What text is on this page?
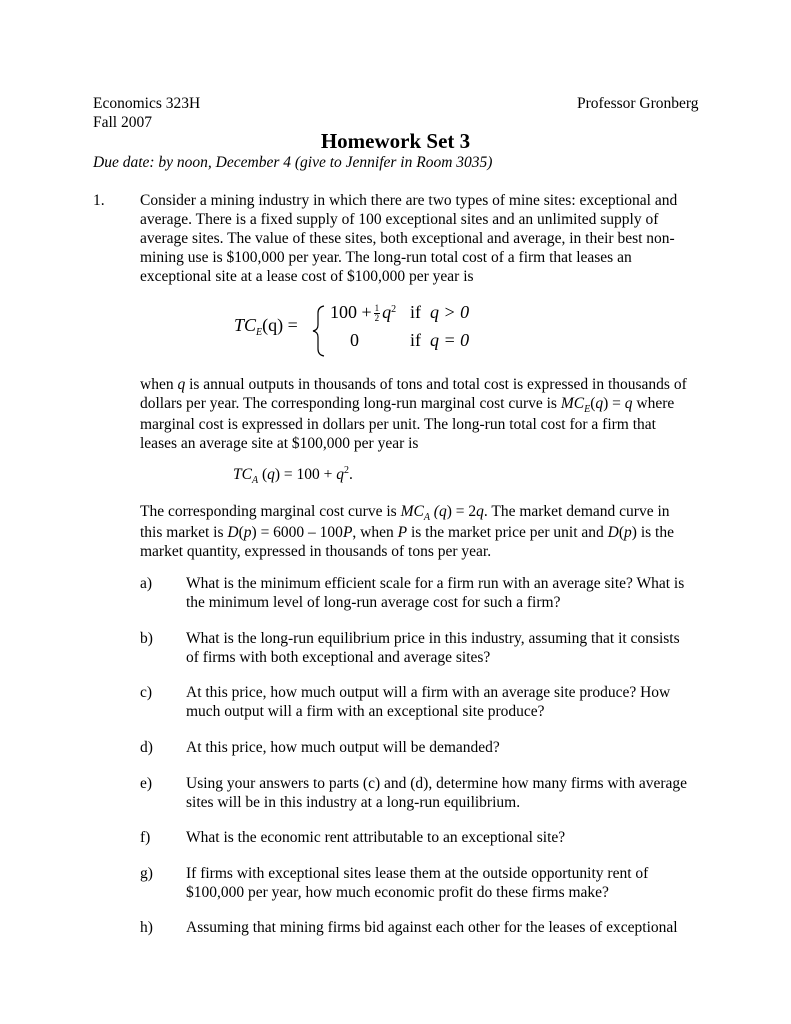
Economics 323H
Fall 2007
Professor Gronberg
Homework Set 3
Due date: by noon, December 4 (give to Jennifer in Room 3035)
1. Consider a mining industry in which there are two types of mine sites: exceptional and
average. There is a fixed supply of 100 exceptional sites and an unlimited supply of
average sites. The value of these sites, both exceptional and average, in their best non-
mining use is $100,000 per year. The long-run total cost of a firm that leases an
exceptional site at a lease cost of $100,000 per year is
$TC_E(q)$ =
$100 + \frac{1}{2} q^2$ if q > 0
0	if q = 0
when q is annual outputs in thousands of tons and total cost is expressed in thousands of
dollars per year. The corresponding long-run marginal cost curve is $MC_E(q) = q$ where
marginal cost is expressed in dollars per unit. The long-run total cost for a firm that
leases an average site at $100,000 per year is
$TC_A$ $(q) = 100 + q^2$.
The corresponding marginal cost curve is $MC_A$ (q) = 2q. The market demand curve in
this market is D(p) = 6000 – 100P, when P is the market price per unit and D(p) is the
market quantity, expressed in thousands of tons per year.
a) What is the minimum efficient scale for a firm run with an average site? What is
the minimum level of long-run average cost for such a firm?
b) What is the long-run equilibrium price in this industry, assuming that it consists
of firms with both exceptional and average sites?
c) At this price, how much output will a firm with an average site produce? How
much output will a firm with an exceptional site produce?
d) At this price, how much output will be demanded?
e) Using your answers to parts (c) and (d), determine how many firms with average
sites will be in this industry at a long-run equilibrium.
f) What is the economic rent attributable to an exceptional site?
g) If firms with exceptional sites lease them at the outside opportunity rent of
$100,000 per year, how much economic profit do these firms make?
h) Assuming that mining firms bid against each other for the leases of exceptional
